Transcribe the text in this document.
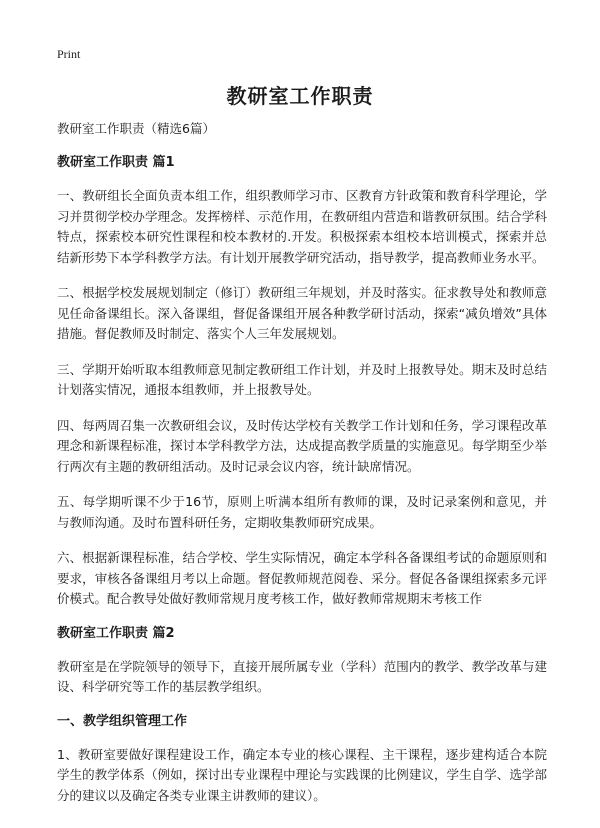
Print
教研室工作职责

教研室工作职责（精选6篇）

教研室工作职责 篇1

一、教研组长全面负责本组工作，组织教师学习市、区教育方针政策和教育科学理论，学习并贯彻学校办学理念。发挥榜样、示范作用，在教研组内营造和谐教研氛围。结合学科特点，探索校本研究性课程和校本教材的.开发。积极探索本组校本培训模式，探索并总结新形势下本学科教学方法。有计划开展教学研究活动，指导教学，提高教师业务水平。

二、根据学校发展规划制定（修订）教研组三年规划，并及时落实。征求教导处和教师意见任命备课组长。深入备课组，督促备课组开展各种教学研讨活动，探索“减负增效”具体措施。督促教师及时制定、落实个人三年发展规划。

三、学期开始听取本组教师意见制定教研组工作计划，并及时上报教导处。期末及时总结计划落实情况，通报本组教师，并上报教导处。

四、每两周召集一次教研组会议，及时传达学校有关教学工作计划和任务，学习课程改革理念和新课程标准，探讨本学科教学方法，达成提高教学质量的实施意见。每学期至少举行两次有主题的教研组活动。及时记录会议内容，统计缺席情况。

五、每学期听课不少于16节，原则上听满本组所有教师的课，及时记录案例和意见，并与教师沟通。及时布置科研任务，定期收集教师研究成果。

六、根据新课程标准，结合学校、学生实际情况，确定本学科各备课组考试的命题原则和要求，审核各备课组月考以上命题。督促教师规范阅卷、采分。督促各备课组探索多元评价模式。配合教导处做好教师常规月度考核工作，做好教师常规期末考核工作

教研室工作职责 篇2

教研室是在学院领导的领导下，直接开展所属专业（学科）范围内的教学、教学改革与建设、科学研究等工作的基层教学组织。

一、教学组织管理工作

1、教研室要做好课程建设工作，确定本专业的核心课程、主干课程，逐步建构适合本院学生的教学体系（例如，探讨出专业课程中理论与实践课的比例建议，学生自学、选学部分的建议以及确定各类专业课主讲教师的建议）。
